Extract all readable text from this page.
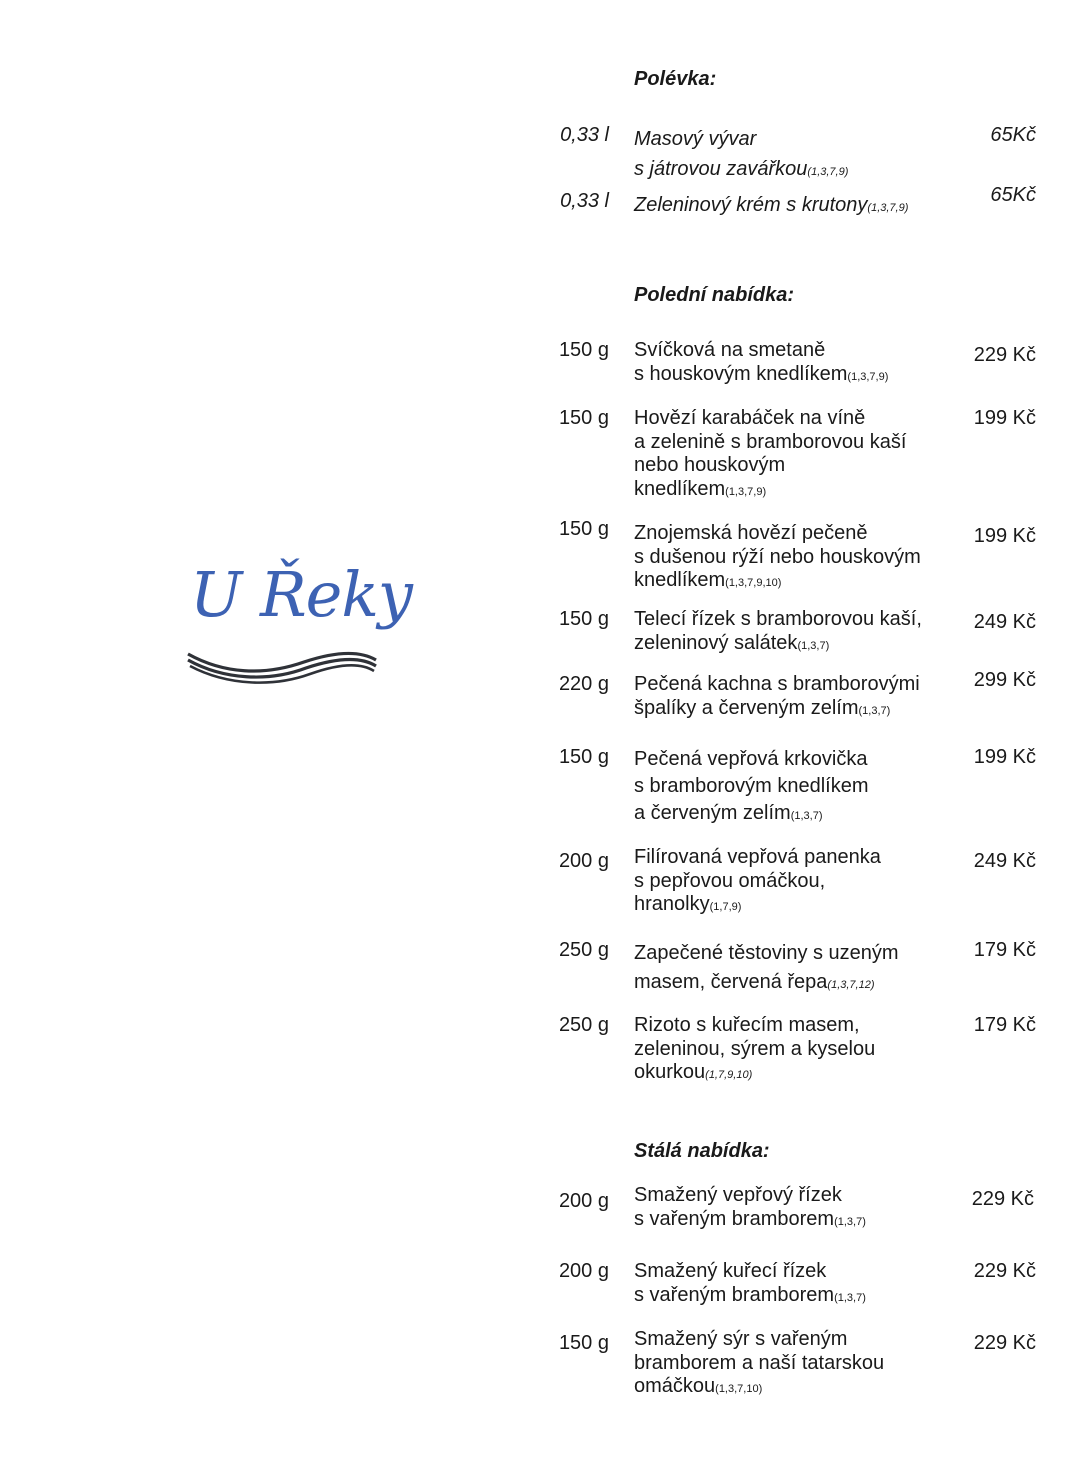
U Řeky
Polévka:
0,33 l Masový vývar
s játrovou zavářkou(1,3,7,9)
65Kč
0,33 l Zeleninový krém s krutony(1,3,7,9)
65Kč
Polední nabídka:
150 g Svíčková na smetaně
s houskovým knedlíkem(1,3,7,9)
229 Kč
150 g Hovězí karabáček na víně
a zelenině s bramborovou kaší
nebo houskovým
knedlíkem(1,3,7,9)
199 Kč
150 g Znojemská hovězí pečeně
s dušenou rýží nebo houskovým
knedlíkem(1,3,7,9,10)
199 Kč
150 g Telecí řízek s bramborovou kaší,
zeleninový salátek(1,3,7)
249 Kč
220 g Pečená kachna s bramborovými
špalíky a červeným zelím(1,3,7)
299 Kč
150 g Pečená vepřová krkovička
s bramborovým knedlíkem
a červeným zelím(1,3,7)
199 Kč
200 g Filírovaná vepřová panenka
s pepřovou omáčkou,
hranolky(1,7,9)
249 Kč
250 g Zapečené těstoviny s uzeným
masem, červená řepa(1,3,7,12)
179 Kč
250 g Rizoto s kuřecím masem,
zeleninou, sýrem a kyselou
okurkou(1,7,9,10)
179 Kč
Stálá nabídka:
200 g Smažený vepřový řízek
s vařeným bramborem(1,3,7)
229 Kč
200 g Smažený kuřecí řízek
s vařeným bramborem(1,3,7)
229 Kč
150 g Smažený sýr s vařeným
bramborem a naší tatarskou
omáčkou(1,3,7,10)
229 Kč
